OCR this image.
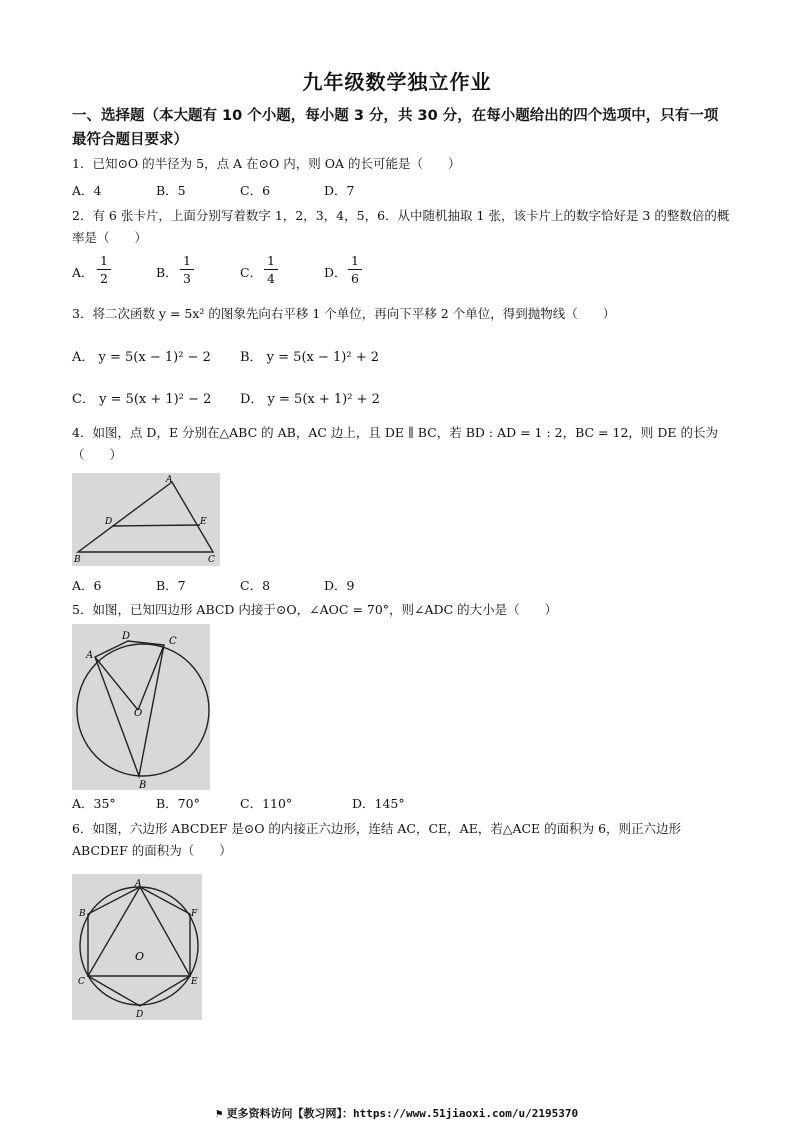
九年级数学独立作业
一、选择题（本大题有 10 个小题，每小题 3 分，共 30 分，在每小题给出的四个选项中，只有一项最符合题目要求）
1．已知⊙O 的半径为 5，点 A 在⊙O 内，则 OA 的长可能是（　　）
A．4	B．5	C．6	D．7
2．有 6 张卡片，上面分别写着数字 1，2，3，4，5，6．从中随机抽取 1 张，该卡片上的数字恰好是 3 的整数倍的概率是（　　）
A．
1
2	B．
1
3	C．
1
4	D．
1
6
3．将二次函数 y = 5x² 的图象先向右平移 1 个单位，再向下平移 2 个单位，得到抛物线（　　）
A． y = 5(x − 1)² − 2 B． y = 5(x − 1)² + 2
C． y = 5(x + 1)² − 2 D． y = 5(x + 1)² + 2
4．如图，点 D，E 分别在△ABC 的 AB，AC 边上，且 DE ∥ BC，若 BD : AD = 1 : 2，BC = 12，则 DE 的长为（　　）
A
D	E
B	C
A．6	B．7	C．8	D．9
5．如图，已知四边形 ABCD 内接于⊙O，∠AOC = 70°，则∠ADC 的大小是（　　）
D	C
A
O
B
A．35°	B．70°	C．110°	D．145°
6．如图，六边形 ABCDEF 是⊙O 的内接正六边形，连结 AC，CE，AE，若△ACE 的面积为 6，则正六边形 ABCDEF 的面积为（　　）
A
B	F
C	E
D
O
⚑ 更多资料访问【教习网】：https://www.51jiaoxi.com/u/2195370
